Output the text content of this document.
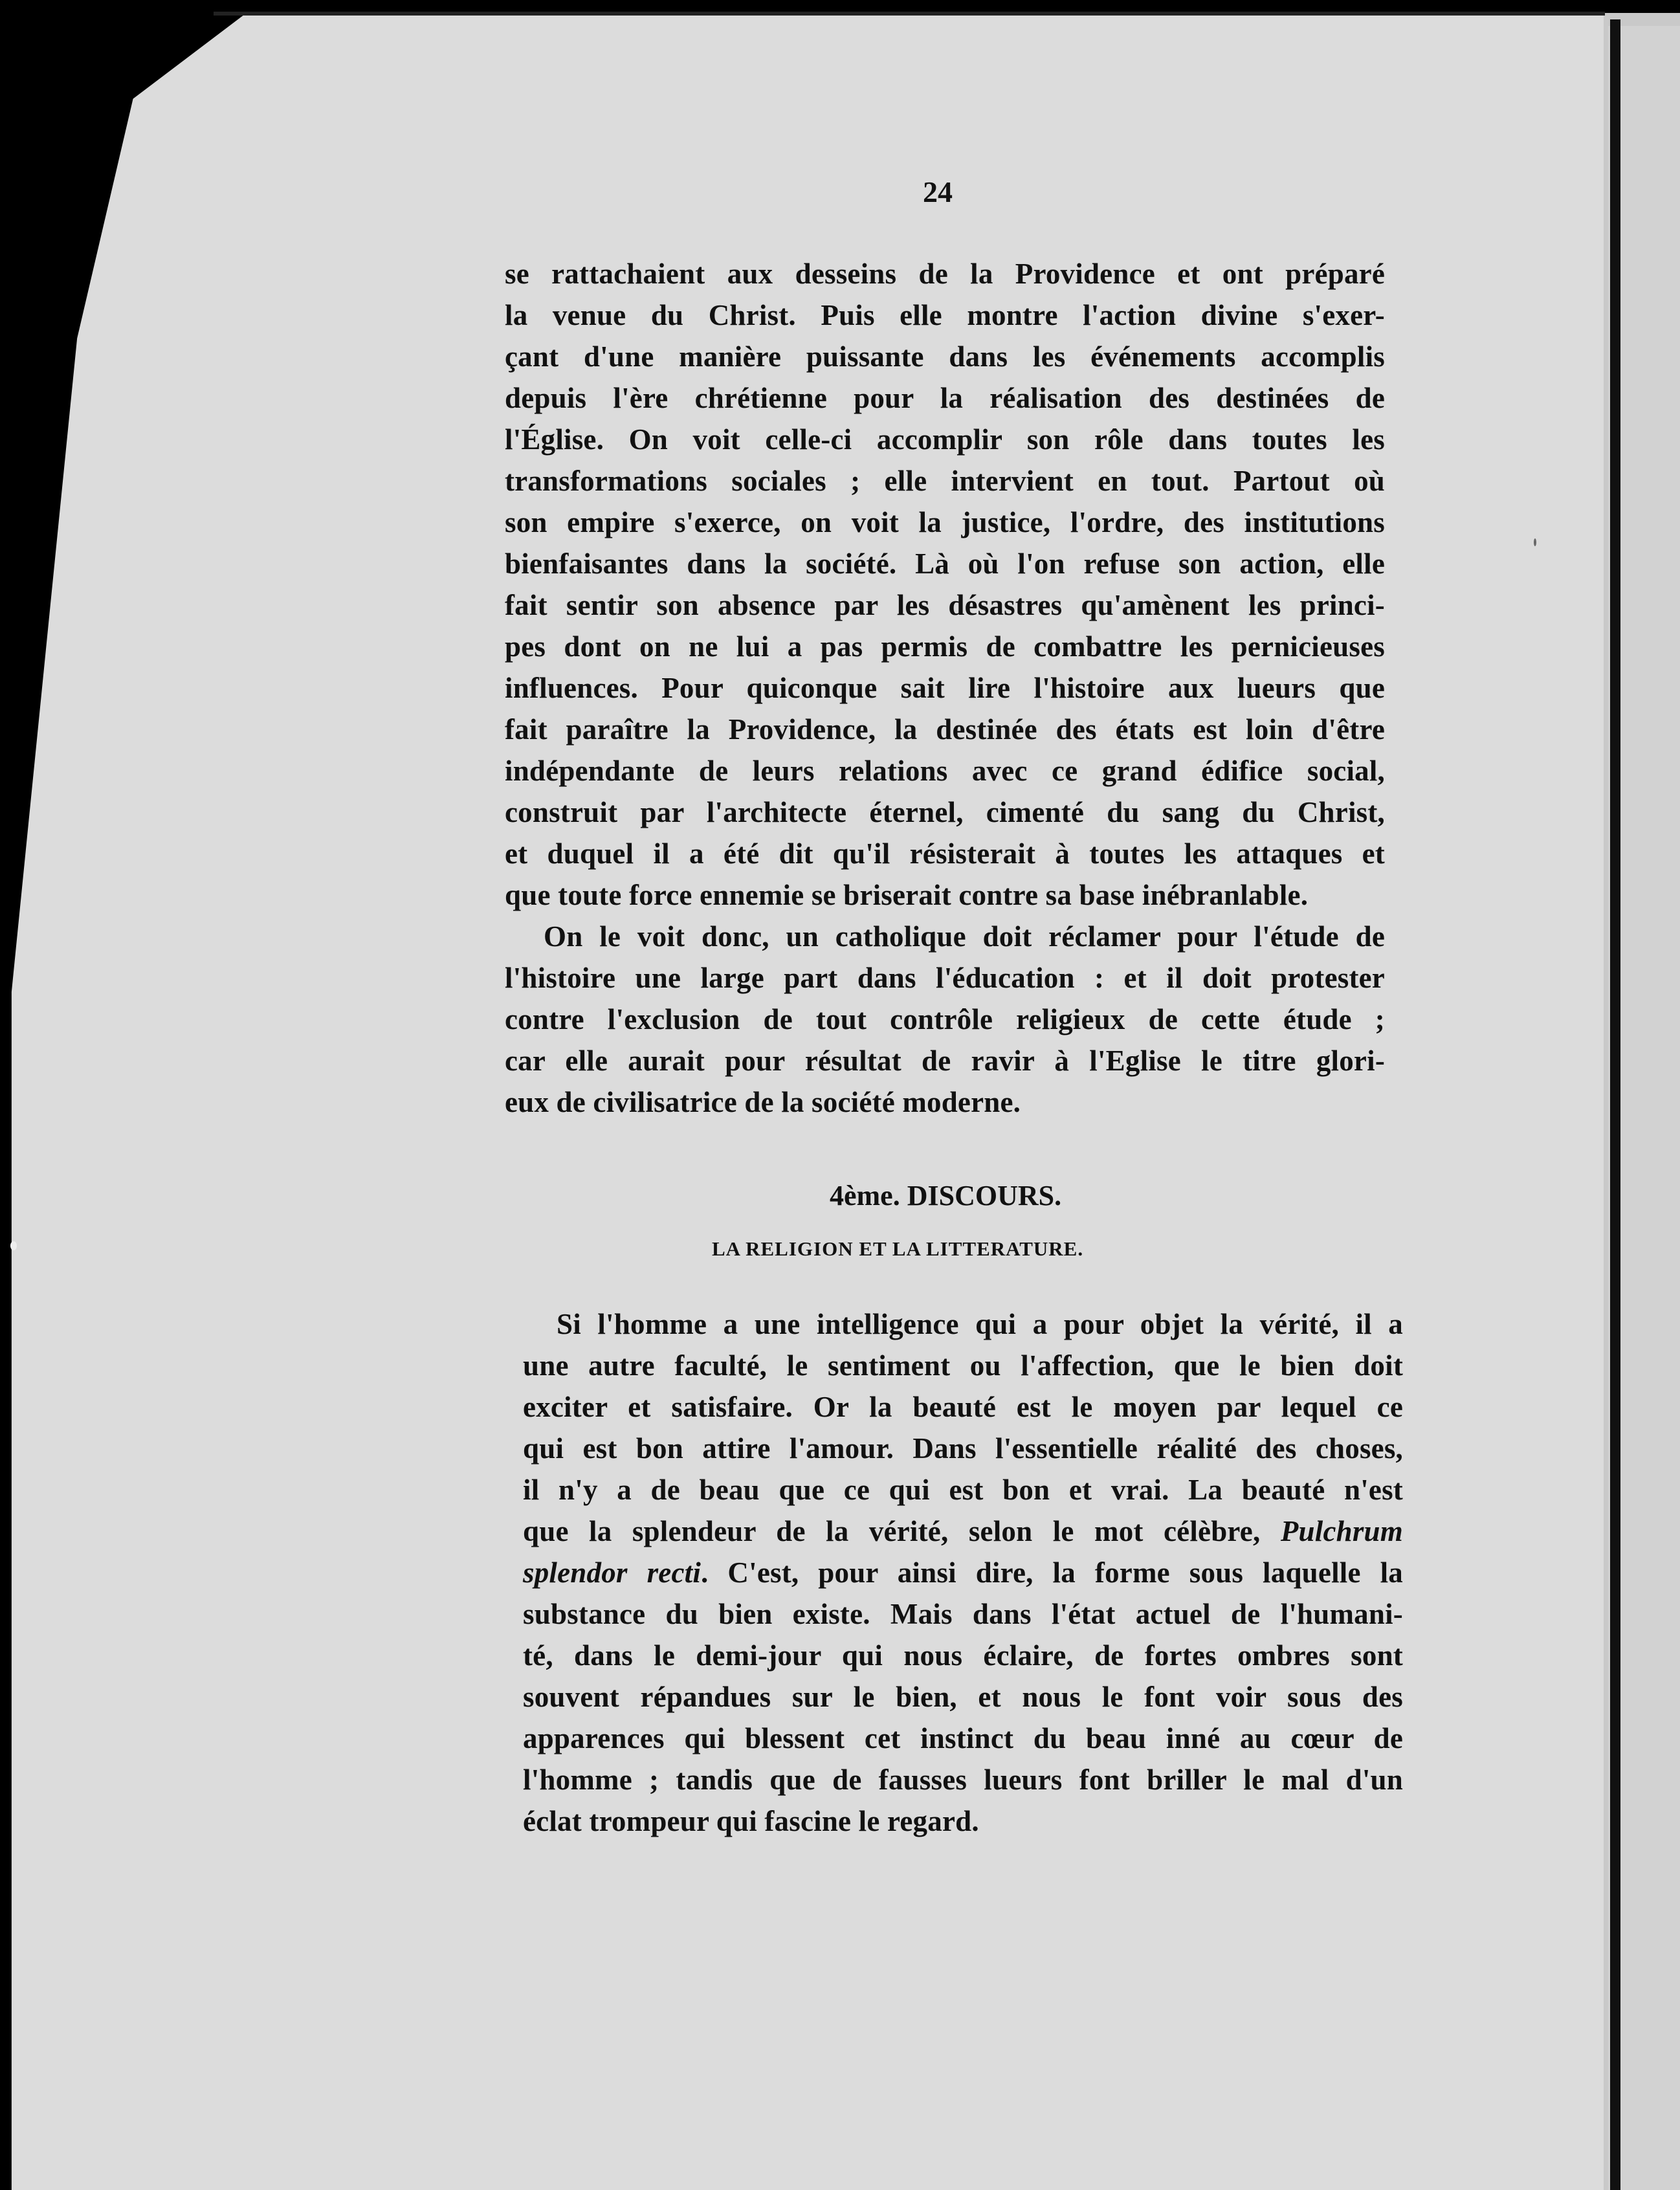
24
se rattachaient aux desseins de la Providence et ont préparé
la venue du Christ. Puis elle montre l'action divine s'exer-
çant d'une manière puissante dans les événements accomplis
depuis l'ère chrétienne pour la réalisation des destinées de
l'Église. On voit celle-ci accomplir son rôle dans toutes les
transformations sociales ; elle intervient en tout. Partout où
son empire s'exerce, on voit la justice, l'ordre, des institutions
bienfaisantes dans la société. Là où l'on refuse son action, elle
fait sentir son absence par les désastres qu'amènent les princi-
pes dont on ne lui a pas permis de combattre les pernicieuses
influences. Pour quiconque sait lire l'histoire aux lueurs que
fait paraître la Providence, la destinée des états est loin d'être
indépendante de leurs relations avec ce grand édifice social,
construit par l'architecte éternel, cimenté du sang du Christ,
et duquel il a été dit qu'il résisterait à toutes les attaques et
que toute force ennemie se briserait contre sa base inébranlable.
On le voit donc, un catholique doit réclamer pour l'étude de
l'histoire une large part dans l'éducation : et il doit protester
contre l'exclusion de tout contrôle religieux de cette étude ;
car elle aurait pour résultat de ravir à l'Eglise le titre glori-
eux de civilisatrice de la société moderne.
4ème. DISCOURS.
LA RELIGION ET LA LITTERATURE.
Si l'homme a une intelligence qui a pour objet la vérité, il a
une autre faculté, le sentiment ou l'affection, que le bien doit
exciter et satisfaire. Or la beauté est le moyen par lequel ce
qui est bon attire l'amour. Dans l'essentielle réalité des choses,
il n'y a de beau que ce qui est bon et vrai. La beauté n'est
que la splendeur de la vérité, selon le mot célèbre, Pulchrum
splendor recti. C'est, pour ainsi dire, la forme sous laquelle la
substance du bien existe. Mais dans l'état actuel de l'humani-
té, dans le demi-jour qui nous éclaire, de fortes ombres sont
souvent répandues sur le bien, et nous le font voir sous des
apparences qui blessent cet instinct du beau inné au cœur de
l'homme ; tandis que de fausses lueurs font briller le mal d'un
éclat trompeur qui fascine le regard.
